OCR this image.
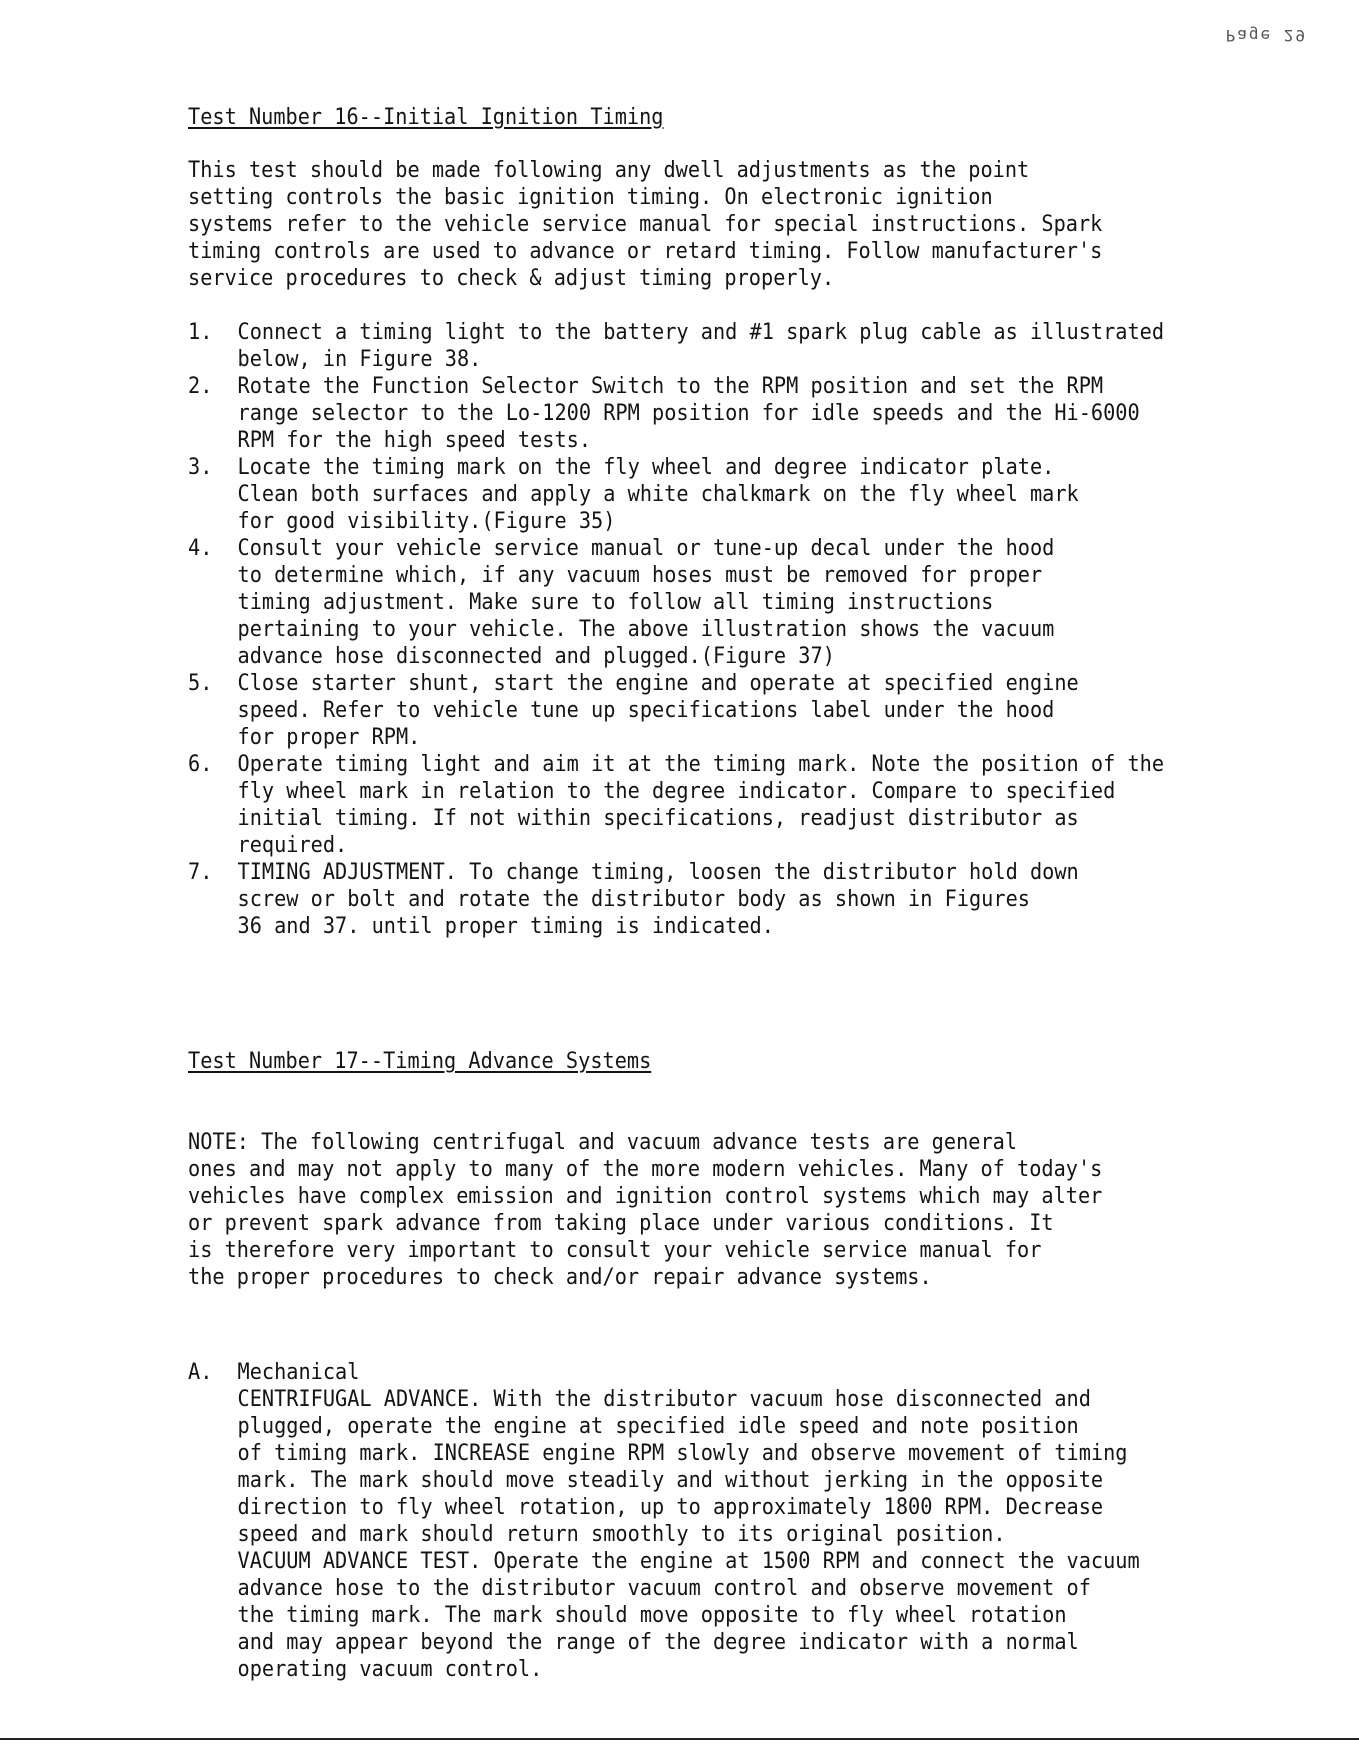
Page 29
Test Number 16--Initial Ignition Timing

This test should be made following any dwell adjustments as the point
setting controls the basic ignition timing. On electronic ignition
systems refer to the vehicle service manual for special instructions. Spark
timing controls are used to advance or retard timing. Follow manufacturer's
service procedures to check & adjust timing properly.

1.	Connect a timing light to the battery and #1 spark plug cable as illustrated
below, in Figure 38.
2.	Rotate the Function Selector Switch to the RPM position and set the RPM
range selector to the Lo-1200 RPM position for idle speeds and the Hi-6000
RPM for the high speed tests.
3.	Locate the timing mark on the fly wheel and degree indicator plate.
Clean both surfaces and apply a white chalkmark on the fly wheel mark
for good visibility.(Figure 35)
4.	Consult your vehicle service manual or tune-up decal under the hood
to determine which, if any vacuum hoses must be removed for proper
timing adjustment. Make sure to follow all timing instructions
pertaining to your vehicle. The above illustration shows the vacuum
advance hose disconnected and plugged.(Figure 37)
5.	Close starter shunt, start the engine and operate at specified engine
speed. Refer to vehicle tune up specifications label under the hood
for proper RPM.
6.	Operate timing light and aim it at the timing mark. Note the position of the
fly wheel mark in relation to the degree indicator. Compare to specified
initial timing. If not within specifications, readjust distributor as
required.
7.	TIMING ADJUSTMENT. To change timing, loosen the distributor hold down
screw or bolt and rotate the distributor body as shown in Figures
36 and 37. until proper timing is indicated.
Test Number 17--Timing Advance Systems

NOTE: The following centrifugal and vacuum advance tests are general
ones and may not apply to many of the more modern vehicles. Many of today's
vehicles have complex emission and ignition control systems which may alter
or prevent spark advance from taking place under various conditions. It
is therefore very important to consult your vehicle service manual for
the proper procedures to check and/or repair advance systems.

A.	Mechanical
CENTRIFUGAL ADVANCE. With the distributor vacuum hose disconnected and
plugged, operate the engine at specified idle speed and note position
of timing mark. INCREASE engine RPM slowly and observe movement of timing
mark. The mark should move steadily and without jerking in the opposite
direction to fly wheel rotation, up to approximately 1800 RPM. Decrease
speed and mark should return smoothly to its original position.
VACUUM ADVANCE TEST. Operate the engine at 1500 RPM and connect the vacuum
advance hose to the distributor vacuum control and observe movement of
the timing mark. The mark should move opposite to fly wheel rotation
and may appear beyond the range of the degree indicator with a normal
operating vacuum control.
